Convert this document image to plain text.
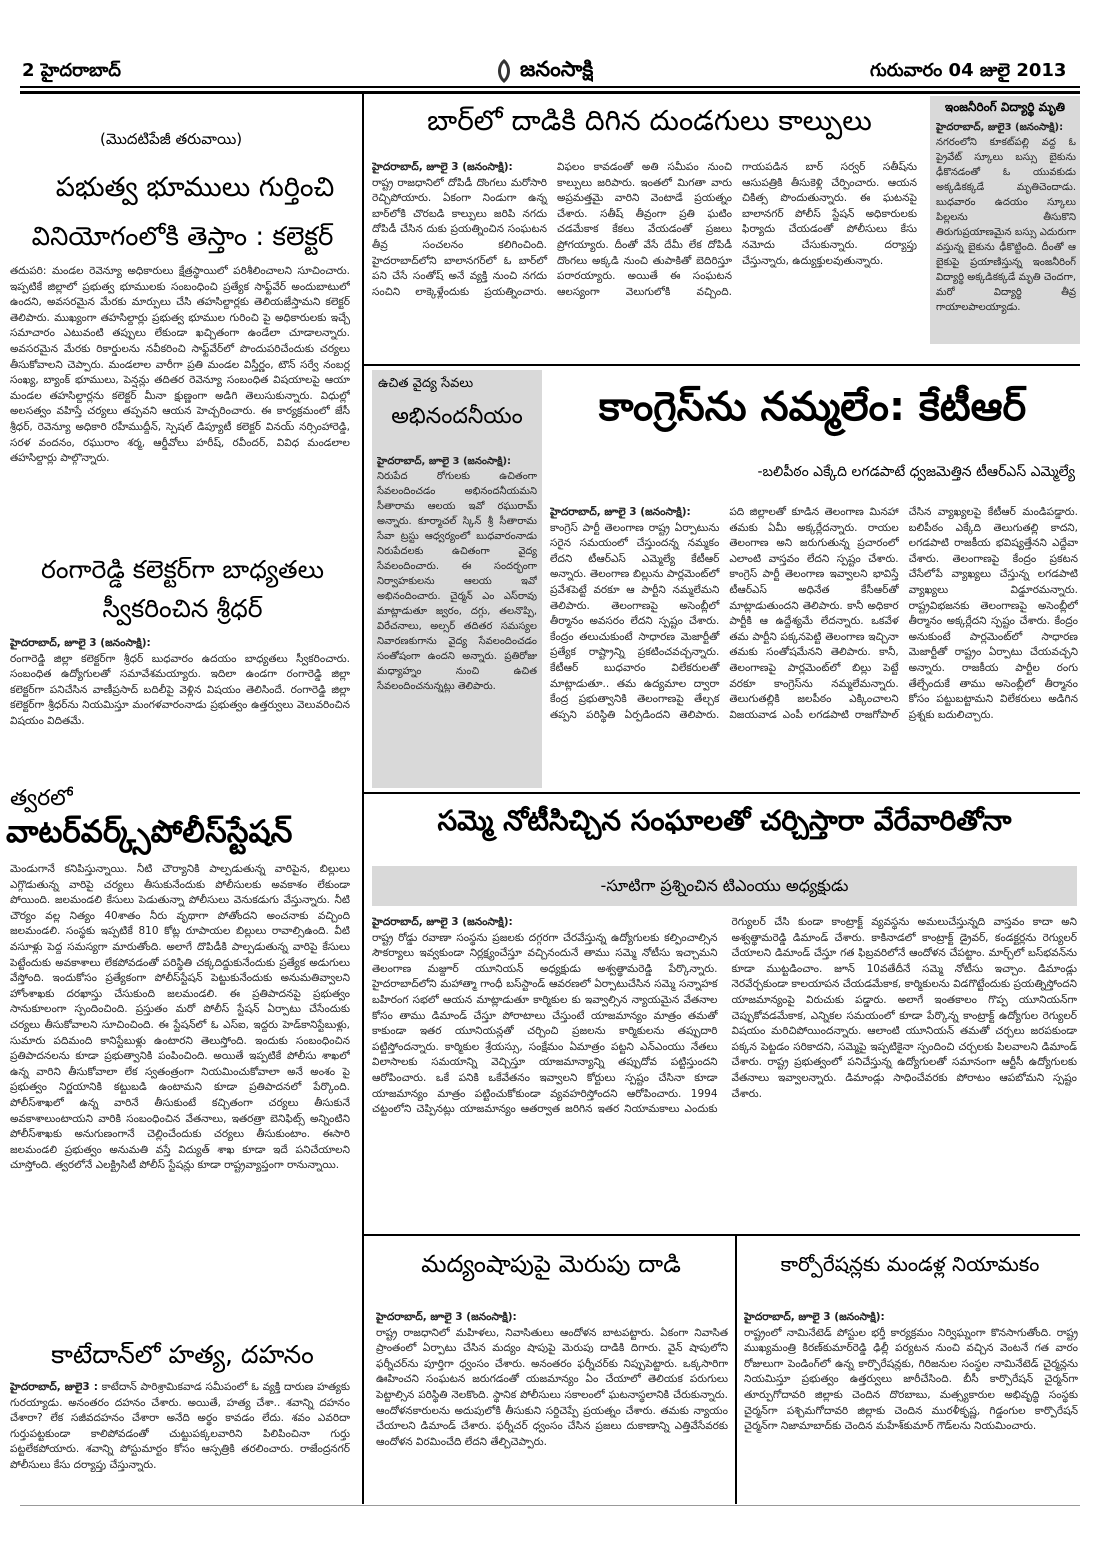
2 హైదరాబాద్	జనంసాక్షి	గురువారం 04 జులై 2013
(మొదటిపేజీ తరువాయి)
పభుత్వ భూములు గుర్తించి
వినియోగంలోకి తెస్తాం : కలెక్టర్
తదుపరి: మండల రెవెన్యూ అధికారులు క్షేత్రస్థాయిలో పరిశీలించాలని సూచించారు. ఇప్పటికే జిల్లాలో ప్రభుత్వ భూములకు సంబంధించి ప్రత్యేక సాఫ్ట్‌వేర్ అందుబాటులో ఉందని, అవసరమైన మేరకు మార్పులు చేసి తహసిల్దార్లకు తెలియజేస్తామని కలెక్టర్ తెలిపారు. ముఖ్యంగా తహసిల్దార్లు ప్రభుత్వ భూముల గురించి పై అధికారులకు ఇచ్చే సమాచారం ఎటువంటి తప్పులు లేకుండా ఖచ్చితంగా ఉండేలా చూడాలన్నారు. అవసరమైన మేరకు రికార్డులను నవీకరించి సాఫ్ట్‌వేర్‌లో పొందుపరిచేందుకు చర్యలు తీసుకోవాలని చెప్పారు. మండలాల వారీగా ప్రతి మండల విస్తీర్ణం, టౌన్ సర్వే నంబర్ల సంఖ్య, బ్యాంక్ భూములు, పెన్షన్లు తదితర రెవెన్యూ సంబంధిత విషయాలపై ఆయా మండల తహసిల్దార్లను కలెక్టర్ మీనా క్షుణ్ణంగా అడిగి తెలుసుకున్నారు. విధుల్లో అలసత్వం వహిస్తే చర్యలు తప్పవని ఆయన హెచ్చరించారు. ఈ కార్యక్రమంలో జేసీ శ్రీధర్, రెవెన్యూ అధికారి రహీముద్దీన్, స్పెషల్ డిప్యూటీ కలెక్టర్ వినయ్ నర్సింహారెడ్డి, సరళ వందనం, రఘురాం శర్మ, ఆర్డీవోలు హరీష్, రవీందర్, వివిధ మండలాల తహసిల్దార్లు పాల్గొన్నారు.
రంగారెడ్డి కలెక్టర్‌గా బాధ్యతలు
స్వీకరించిన శ్రీధర్
హైదరాబాద్, జూలై 3 (జనంసాక్షి):
రంగారెడ్డి జిల్లా కలెక్టర్‌గా శ్రీధర్ బుధవారం ఉదయం బాధ్యతలు స్వీకరించారు. సంబంధిత ఉద్యోగులతో సమావేశమయ్యారు. ఇదిలా ఉండగా రంగారెడ్డి జిల్లా కలెక్టర్‌గా పనిచేసిన వాణీప్రసాద్ బదిలీపై వెళ్లిన విషయం తెలిసిందే. రంగారెడ్డి జిల్లా కలెక్టర్‌గా శ్రీధర్‌ను నియమిస్తూ మంగళవారంనాడు ప్రభుత్వం ఉత్తర్వులు వెలువరించిన విషయం విదితమే.
త్వరలో
వాటర్‌వర్క్స్‌పోలీస్‌స్టేషన్
మెండుగానే కనిపిస్తున్నాయి. నీటి చౌర్యానికి పాల్పడుతున్న వారిపైన, బిల్లులు ఎగ్గొడుతున్న వారిపై చర్యలు తీసుకునేందుకు పోలీసులకు అవకాశం లేకుండా పోయింది. జలమండలి కేసులు పెడుతున్నా పోలీసులు వెనుకడుగు వేస్తున్నారు. నీటి చౌర్యం వల్ల నిత్యం 40శాతం నీరు వృథాగా పోతోందని అంచనాకు వచ్చింది జలమండలి. సంస్థకు ఇప్పటికే 810 కోట్ల రూపాయల బిల్లులు రావాల్సిఉంది. వీటి వసూళ్లు పెద్ద సమస్యగా మారుతోంది. అలాగే దొపిడీకి పాల్పడుతున్న వారిపై కేసులు పెట్టేందుకు అవకాశాలు లేకపోవడంతో పరిస్థితి చక్కదిద్దుకునేందుకు ప్రత్యేక అడుగులు వేస్తోంది. ఇందుకోసం ప్రత్యేకంగా పోలీస్‌స్టేషన్ పెట్టుకునేందుకు అనుమతివ్వాలని హోంశాఖకు దరఖాస్తు చేసుకుంది జలమండలి. ఈ ప్రతిపాదనపై ప్రభుత్వం సానుకూలంగా స్పందించింది. ప్రస్తుతం మరో పోలీస్ స్టేషన్ ఏర్పాటు చేసేందుకు చర్యలు తీసుకోవాలని సూచించింది. ఈ స్టేషన్‌లో ఓ ఎస్ఐ, ఇద్దరు హెడ్‌కానిస్టేబుళ్లు, సుమారు పదిమంది కానిస్టేబుళ్లు ఉంటారని తెలుస్తోంది. ఇందుకు సంబంధించిన ప్రతిపాదనలను కూడా ప్రభుత్వానికి పంపించింది. అయితే ఇప్పటికే పోలీసు శాఖలో ఉన్న వారిని తీసుకోవాలా లేక స్వతంత్రంగా నియమించుకోవాలా అనే అంశం పై ప్రభుత్వం నిర్ణయానికి కట్టుబడి ఉంటామని కూడా ప్రతిపాదనలో పేర్కొంది. పోలీస్‌శాఖలో ఉన్న వారినే తీసుకుంటే కచ్చితంగా చర్యలు తీసుకునే అవకాశాలుంటాయని వారికి సంబంధించిన వేతనాలు, ఇతరత్రా బెనిఫిట్స్ అన్నింటిని పోలీస్‌శాఖకు అనుగుణంగానే చెల్లించేందుకు చర్యలు తీసుకుంటాం. ఈసారి జలమండలి ప్రభుత్వం అనుమతి వస్తే విద్యుత్ శాఖ కూడా ఇదే పనిచేయాలని చూస్తోంది. త్వరలోనే ఎలక్ట్రిసిటీ పోలీస్ స్టేషన్లు కూడా రాష్ట్రవ్యాప్తంగా రానున్నాయి.
కాటేదాన్‌లో హత్య, దహనం
హైదరాబాద్, జులై3 : కాటేదాన్ పారిశ్రామికవాడ సమీపంలో ఓ వ్యక్తి దారుణ హత్యకు గురయ్యాడు. అనంతరం దహనం చేశారు. అయితే, హత్య చేశా.. శవాన్ని దహనం చేశారా? లేక సజీవదహనం చేశారా అనేది అర్థం కావడం లేదు. శవం ఎవరిదా గుర్తుపట్టకుండా కాలిపోవడంతో చుట్టుపక్కలవారిని పిలిపించినా గుర్తు పట్టలేకపోయారు. శవాన్ని పోస్టుమార్టం కోసం ఆస్పత్రికి తరలించారు. రాజేంద్రనగర్ పోలీసులు కేసు దర్యాప్తు చేస్తున్నారు.
బార్‌లో దాడికి దిగిన దుండగులు కాల్పులు
హైదరాబాద్, జూలై 3 (జనంసాక్షి):
రాష్ట్ర రాజధానిలో దోపిడీ దొంగలు మరోసారి రెచ్చిపోయారు. ఏకంగా నిండుగా ఉన్న బార్‌లోకి చొరబడి కాల్పులు జరిపి నగదు దోపిడీ చేసిన దుకు ప్రయత్నించిన సంఘటన తీవ్ర సంచలనం కలిగించింది. హైదరాబాద్‌లోని బాలానగర్‌లో ఓ బార్‌లో పని చేసే సంతోష్ అనే వ్యక్తి నుంచి నగదు సంచిని లాక్కెళ్లేందుకు ప్రయత్నించారు. విఫలం కావడంతో అతి సమీపం నుంచి కాల్పులు జరిపారు. ఇంతలో మిగతా వారు అప్రమత్తమై వారిని వెంటాడే ప్రయత్నం చేశారు. సతీష్ తీవ్రంగా ప్రతి ఘటిం చడమేకాక కేకలు వేయడంతో ప్రజలు ప్రోగయ్యారు. దీంతో వేసే దేమీ లేక దోపిడీ దొంగలు అక్కడి నుంచి తుపాకితో బెదిరిస్తూ పరారయ్యారు. అయితే ఈ సంఘటన ఆలస్యంగా వెలుగులోకి వచ్చింది. గాయపడిన బార్ సర్వర్ సతీష్‌ను ఆసుపత్రికి తీసుకెళ్లి చేర్పించారు. ఆయన చికిత్స పొందుతున్నారు. ఈ ఘటనపై బాలానగర్ పోలీస్ స్టేషన్ అధికారులకు ఫిర్యాదు చేయడంతో పోలీసులు కేసు నమోదు చేసుకున్నారు. దర్యాప్తు చేస్తున్నారు, ఉద్యుక్తులవుతున్నారు.
ఇంజనీరింగ్ విద్యార్థి మృతి
హైదరాబాద్, జులై3 (జనంసాక్షి):
నగరంలోని కూకట్‌పల్లి వద్ద ఓ ప్రైవేట్ స్కూలు బస్సు బైకును ఢీకొనడంతో ఓ యువకుడు అక్కడికక్కడే మృతిచెందాడు. బుధవారం ఉదయం స్కూలు పిల్లలను తీసుకొని తిరుగుప్రయాణమైన బస్సు ఎదురుగా వస్తున్న బైకును ఢీకొట్టింది. దీంతో ఆ బైకుపై ప్రయాణిస్తున్న ఇంజనీరింగ్ విద్యార్థి అక్కడికక్కడే మృతి చెందగా, మరో విద్యార్థి తీవ్ర గాయాలపాలయ్యాడు.
ఉచిత వైద్య సేవలు
అభినందనీయం
హైదరాబాద్, జూలై 3 (జనంసాక్షి):
నిరుపేద రోగులకు ఉచితంగా సేవలందించడం అభినందనీయమని సీతారామ ఆలయ ఇవో రఘురామ్ అన్నారు. కూర్మాచల్ స్కిన్ శ్రీ సీతారామ సేవా ట్రస్టు ఆధ్వర్యంలో బుధవారంనాడు నిరుపేదలకు ఉచితంగా వైద్య సేవలందించారు. ఈ సందర్భంగా నిర్వాహకులను ఆలయ ఇవో అభినందించారు. చైర్మన్ ఎం ఎస్‌రావు మాట్లాడుతూ జ్వరం, దగ్గు, తలనొప్పి, విరేచనాలు, అల్సర్ తదితర సమస్యల నివారణకుగాను వైద్య సేవలందించడం సంతోషంగా ఉందని అన్నారు. ప్రతిరోజు మధ్యాహ్నం నుంచి ఉచిత సేవలందించనున్నట్లు తెలిపారు.
కాంగ్రెస్‌ను నమ్మలేం: కేటీఆర్
-బలిపీఠం ఎక్కేది లగడపాటే ధ్వజమెత్తిన టీఆర్ఎస్ ఎమ్మెల్యే
హైదరాబాద్, జూలై 3 (జనంసాక్షి):
కాంగ్రెస్ పార్టీ తెలంగాణ రాష్ట్ర ఏర్పాటును సరైన సమయంలో చేస్తుందన్న నమ్మకం లేదని టీఆర్ఎస్ ఎమ్మెల్యే కేటీఆర్ అన్నారు. తెలంగాణ బిల్లును పార్లమెంట్‌లో ప్రవేశపెట్టే వరకూ ఆ పార్టీని నమ్మలేమని తెలిపారు. తెలంగాణపై అసెంబ్లీలో తీర్మానం అవసరం లేదని స్పష్టం చేశారు. కేంద్రం తలుచుకుంటే సాధారణ మెజార్టీతో ప్రత్యేక రాష్ట్రాన్ని ప్రకటించవచ్చన్నారు. కేటీఆర్ బుధవారం విలేకరులతో మాట్లాడుతూ.. తమ ఉద్యమాల ద్వారా కేంద్ర ప్రభుత్వానికి తెలంగాణపై తేల్చక తప్పని పరిస్థితి ఏర్పడిందని తెలిపారు. పది జిల్లాలతో కూడిన తెలంగాణ మినహా తమకు ఏమీ అక్కర్లేదన్నారు. రాయల తెలంగాణ అని జరుగుతున్న ప్రచారంలో ఎలాంటి వాస్తవం లేదని స్పష్టం చేశారు. కాంగ్రెస్ పార్టీ తెలంగాణ ఇవ్వాలని భావిస్తే టీఆర్ఎస్ అధినేత కేసీఆర్‌తో మాట్లాడుతుందని తెలిపారు. కానీ అధికార పార్టీకి ఆ ఉద్దేశ్యమే లేదన్నారు. ఒకవేళ తమ పార్టీని పక్కనపెట్టి తెలంగాణ ఇచ్చినా తమకు సంతోషమేనని తెలిపారు. కానీ, తెలంగాణపై పార్లమెంట్‌లో బిల్లు పెట్టే వరకూ కాంగ్రెస్‌ను నమ్మలేమన్నారు. తెలుగుతల్లికి జలపీఠం ఎక్కించాలని విజయవాడ ఎంపీ లగడపాటి రాజగోపాల్ చేసిన వ్యాఖ్యలపై కేటీఆర్ మండిపడ్డారు. బలిపీఠం ఎక్కేది తెలుగుతల్లి కాదని, లగడపాటి రాజకీయ భవిష్యత్తేనని ఎద్దేవా చేశారు. తెలంగాణపై కేంద్రం ప్రకటన చేసేలోపే వ్యాఖ్యలు చేస్తున్న లగడపాటి వ్యాఖ్యలు విడ్డూరమన్నారు. రాష్ట్రవిభజనకు తెలంగాణపై అసెంబ్లీలో తీర్మానం అక్కర్లేదని స్పష్టం చేశారు. కేంద్రం అనుకుంటే పార్లమెంట్‌లో సాధారణ మెజార్టీతో రాష్ట్రం ఏర్పాటు చేయవచ్చని అన్నారు. రాజకీయ పార్టీల రంగు తేల్చేందుకే తాము అసెంబ్లీలో తీర్మానం కోసం పట్టుబట్టామని విలేకరులు అడిగిన ప్రశ్నకు బదులిచ్చారు.
సమ్మె నోటీసిచ్చిన సంఘాలతో చర్చిస్తారా వేరేవారితోనా
-సూటిగా ప్రశ్నించిన టిఎంయు అధ్యక్షుడు
హైదరాబాద్, జూలై 3 (జనంసాక్షి):
రాష్ట్ర రోడ్డు రవాణా సంస్థను ప్రజలకు దగ్గరగా చేరవేస్తున్న ఉద్యోగులకు కల్పించాల్సిన సౌకర్యాలు ఇవ్వకుండా నిర్లక్ష్యంచేస్తూ వచ్చినందునే తాము సమ్మె నోటీసు ఇచ్చామని తెలంగాణ మజ్దూర్ యూనియన్ అధ్యక్షుడు అశ్వత్థామరెడ్డి పేర్కొన్నారు. హైదరాబాద్‌లోని మహాత్మా గాంధీ బస్‌స్టాండ్ ఆవరణలో ఏర్పాటుచేసిన సమ్మె సన్నాహక బహిరంగ సభలో ఆయన మాట్లాడుతూ కార్మికుల కు ఇవ్వాల్సిన న్యాయమైన వేతనాల కోసం తాము డిమాండ్ చేస్తూ పోరాటాలు చేస్తుంటే యాజమాన్యం మాత్రం తమతో కాకుండా ఇతర యూనియన్లతో చర్చించి ప్రజలను కార్మికులను తప్పుదారి పట్టిస్తోందన్నారు. కార్మికుల శ్రేయస్సు, సంక్షేమం ఏమాత్రం పట్టని ఎన్ఎంయు నేతలు విలాసాలకు సమయాన్ని వెచ్చిస్తూ యాజమాన్యాన్ని తప్పుదోవ పట్టిస్తుందని ఆరోపించారు. ఒకే పనికి ఒకేవేతనం ఇవ్వాలని కోర్టులు స్పష్టం చేసినా కూడా యాజమాన్యం మాత్రం పట్టించుకోకుండా వ్యవహరిస్తోందని ఆరోపించారు. 1994 చట్టంలోని చెప్పినట్లు యాజమాన్యం ఆతర్వాత జరిగిన ఇతర నియామకాలు ఎందుకు రెగ్యులర్ చేసి కుండా కాంట్రాక్ట్ వ్యవస్థను అమలుచేస్తున్నది వాస్తవం కాదా అని అశ్వత్థామరెడ్డి డిమాండ్ చేశారు. కాకినాడలో కాంట్రాక్ట్ డ్రైవర్, కండక్టర్లను రెగ్యులర్ చేయాలని డిమాండ్ చేస్తూ గత ఫిబ్రవరిలోనే ఆందోళన చేపట్టాం. మార్చ్‌లో బస్‌భవన్‌ను కూడా ముట్టడించాం. జూన్ 10వతేదీనే సమ్మె నోటీసు ఇచ్చాం. డిమాండ్లు నెరవేర్చకుండా కాలయాపన చేయడమేకాక, కార్మికులను విడగొట్టేందుకు ప్రయత్నిస్తోందని యాజమాన్యంపై విరుచుకు పడ్డారు. అలాగే ఇంతకాలం గొప్ప యూనియన్‌గా చెప్పుకోవడమేకాక, ఎన్నికల సమయంలో కూడా పేర్కొన్న కాంట్రాక్ట్ ఉద్యోగుల రెగ్యులర్ విషయం మరిచిపోయిందన్నారు. ఆలాంటి యూనియన్ తమతో చర్చలు జరపకుండా పక్కన పెట్టడం సరికాదని, సమ్మెపై ఇప్పటికైనా స్పందించి చర్చలకు పిలవాలని డిమాండ్ చేశారు. రాష్ట్ర ప్రభుత్వంలో పనిచేస్తున్న ఉద్యోగులతో సమానంగా ఆర్టీసీ ఉద్యోగులకు వేతనాలు ఇవ్వాలన్నారు. డిమాండ్లు సాధించేవరకు పోరాటం ఆపబోమని స్పష్టం చేశారు.
మద్యంషాపుపై మెరుపు దాడి
హైదరాబాద్, జూలై 3 (జనంసాక్షి):
రాష్ట్ర రాజధానిలో మహిళలు, నివాసితులు ఆందోళన బాటపట్టారు. ఏకంగా నివాసిత ప్రాంతంలో ఏర్పాటు చేసిన మద్యం షాపుపై మెరుపు దాడికి దిగారు. వైన్ షాపులోని ఫర్నీచర్‌ను పూర్తిగా ధ్వంసం చేశారు. అనంతరం ఫర్నీచర్‌కు నిప్పుపెట్టారు. ఒక్కసారిగా ఊహించని సంఘటన జరుగడంతో యజమాన్యం ఏం చేయాలో తెలియక పరుగులు పెట్టాల్సిన పరిస్థితి నెలకొంది. స్థానిక పోలీసులు సకాలంలో ఘటనాస్థలానికి చేరుకున్నారు. ఆందోళనకారులను అదుపులోకి తీసుకుని సర్దిచెప్పే ప్రయత్నం చేశారు. తమకు న్యాయం చేయాలని డిమాండ్ చేశారు. ఫర్నీచర్ ధ్వంసం చేసిన ప్రజలు దుకాణాన్ని ఎత్తివేసేవరకు ఆందోళన విరమించేది లేదని తేల్చిచెప్పారు.
కార్పోరేషన్లకు మండళ్ల నియామకం
హైదరాబాద్, జూలై 3 (జనంసాక్షి):
రాష్ట్రంలో నామినేటెడ్ పోస్టుల భర్తీ కార్యక్రమం నిర్విఘ్నంగా కొనసాగుతోంది. రాష్ట్ర ముఖ్యమంత్రి కిరణ్‌కుమార్‌రెడ్డి ఢిల్లీ పర్యటన నుంచి వచ్చిన వెంటనే గత వారం రోజులుగా పెండింగ్‌లో ఉన్న కార్పొరేషన్లకు, గిరిజనుల సంస్థల నామినేటెడ్ చైర్మన్లను నియమిస్తూ ప్రభుత్వం ఉత్తర్వులు జారీచేసింది. బీసీ కార్పొరేషన్ చైర్మన్‌గా తూర్పుగోదావరి జిల్లాకు చెందిన దొరబాబు, మత్స్యకారుల అభివృద్ధి సంస్థకు చైర్మన్‌గా పశ్చిమగోదావరి జిల్లాకు చెందిన మురళీకృష్ణ, గిడ్డంగుల కార్పొరేషన్ చైర్మన్‌గా నిజామాబాద్‌కు చెందిన మహేశ్‌కుమార్ గౌడ్‌లను నియమించారు.
